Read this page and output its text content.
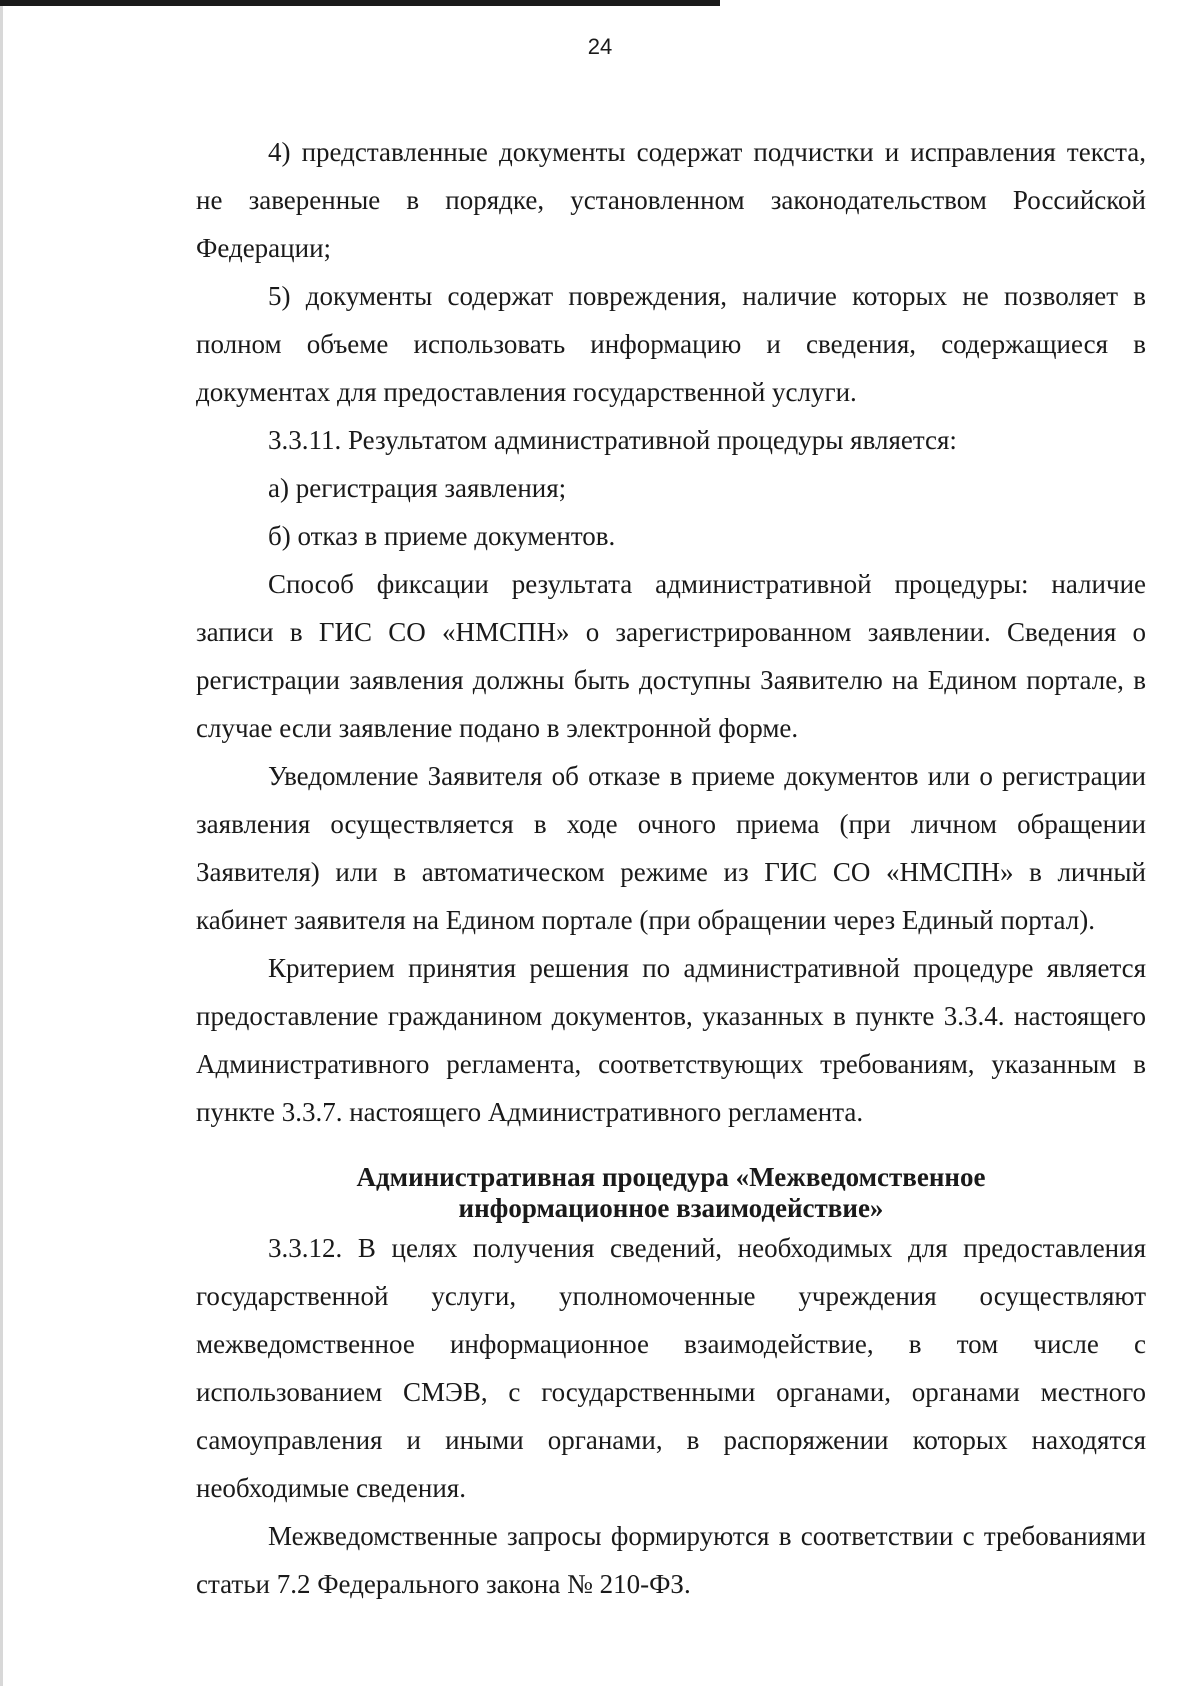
24

4) представленные документы содержат подчистки и исправления текста, не заверенные в порядке, установленном законодательством Российской Федерации;

5) документы содержат повреждения, наличие которых не позволяет в полном объеме использовать информацию и сведения, содержащиеся в документах для предоставления государственной услуги.

3.3.11. Результатом административной процедуры является:

а) регистрация заявления;

б) отказ в приеме документов.

Способ фиксации результата административной процедуры: наличие записи в ГИС СО «НМСПН» о зарегистрированном заявлении. Сведения о регистрации заявления должны быть доступны Заявителю на Едином портале, в случае если заявление подано в электронной форме.

Уведомление Заявителя об отказе в приеме документов или о регистрации заявления осуществляется в ходе очного приема (при личном обращении Заявителя) или в автоматическом режиме из ГИС СО «НМСПН» в личный кабинет заявителя на Едином портале (при обращении через Единый портал).

Критерием принятия решения по административной процедуре является предоставление гражданином документов, указанных в пункте 3.3.4. настоящего Административного регламента, соответствующих требованиям, указанным в пункте 3.3.7. настоящего Административного регламента.

Административная процедура «Межведомственное
информационное взаимодействие»

3.3.12. В целях получения сведений, необходимых для предоставления государственной услуги, уполномоченные учреждения осуществляют межведомственное информационное взаимодействие, в том числе с использованием СМЭВ, с государственными органами, органами местного самоуправления и иными органами, в распоряжении которых находятся необходимые сведения.

Межведомственные запросы формируются в соответствии с требованиями статьи 7.2 Федерального закона № 210-ФЗ.
